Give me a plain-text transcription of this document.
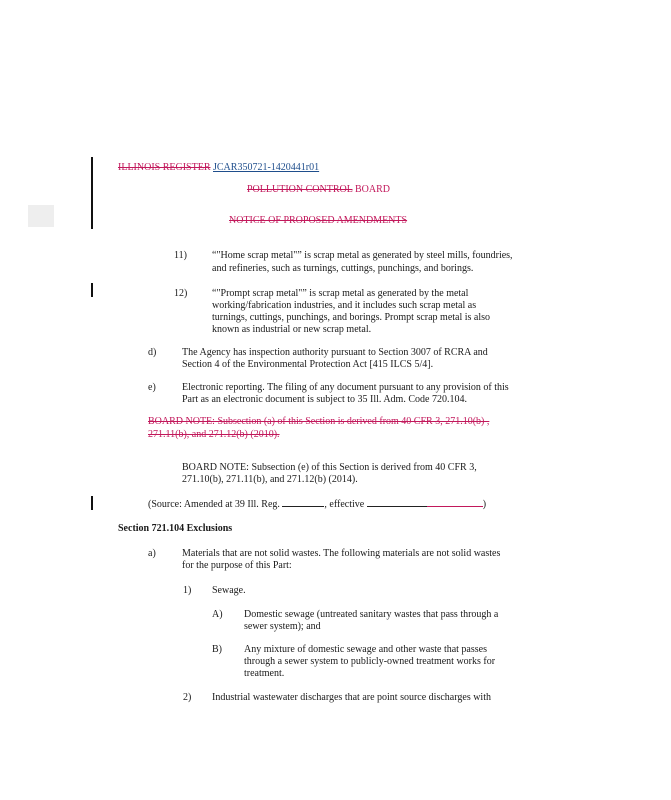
ILLINOIS REGISTER JCAR350721-1420441r01
POLLUTION CONTROL BOARD
NOTICE OF PROPOSED AMENDMENTS
11)	“"Home scrap metal"” is scrap metal as generated by steel mills, foundries,
and refineries, such as turnings, cuttings, punchings, and borings.
12) “"Prompt scrap metal"” is scrap metal as generated by the metal
working/fabrication industries, and it includes such scrap metal as
turnings, cuttings, punchings, and borings. Prompt scrap metal is also
known as industrial or new scrap metal.
d)	The Agency has inspection authority pursuant to Section 3007 of RCRA and
Section 4 of the Environmental Protection Act [415 ILCS 5/4].
e)	Electronic reporting. The filing of any document pursuant to any provision of this
Part as an electronic document is subject to 35 Ill. Adm. Code 720.104.
BOARD NOTE: Subsection (a) of this Section is derived from 40 CFR 3, 271.10(b) ,
271.11(b), and 271.12(b) (2010).
BOARD NOTE: Subsection (e) of this Section is derived from 40 CFR 3,
271.10(b), 271.11(b), and 271.12(b) (2014).
(Source: Amended at 39 Ill. Reg.	, effective	)
Section 721.104 Exclusions
a)	Materials that are not solid wastes. The following materials are not solid wastes
for the purpose of this Part:
1) Sewage.
A) Domestic sewage (untreated sanitary wastes that pass through a
sewer system); and
B) Any mixture of domestic sewage and other waste that passes
through a sewer system to publicly-owned treatment works for
treatment.
2) Industrial wastewater discharges that are point source discharges with
